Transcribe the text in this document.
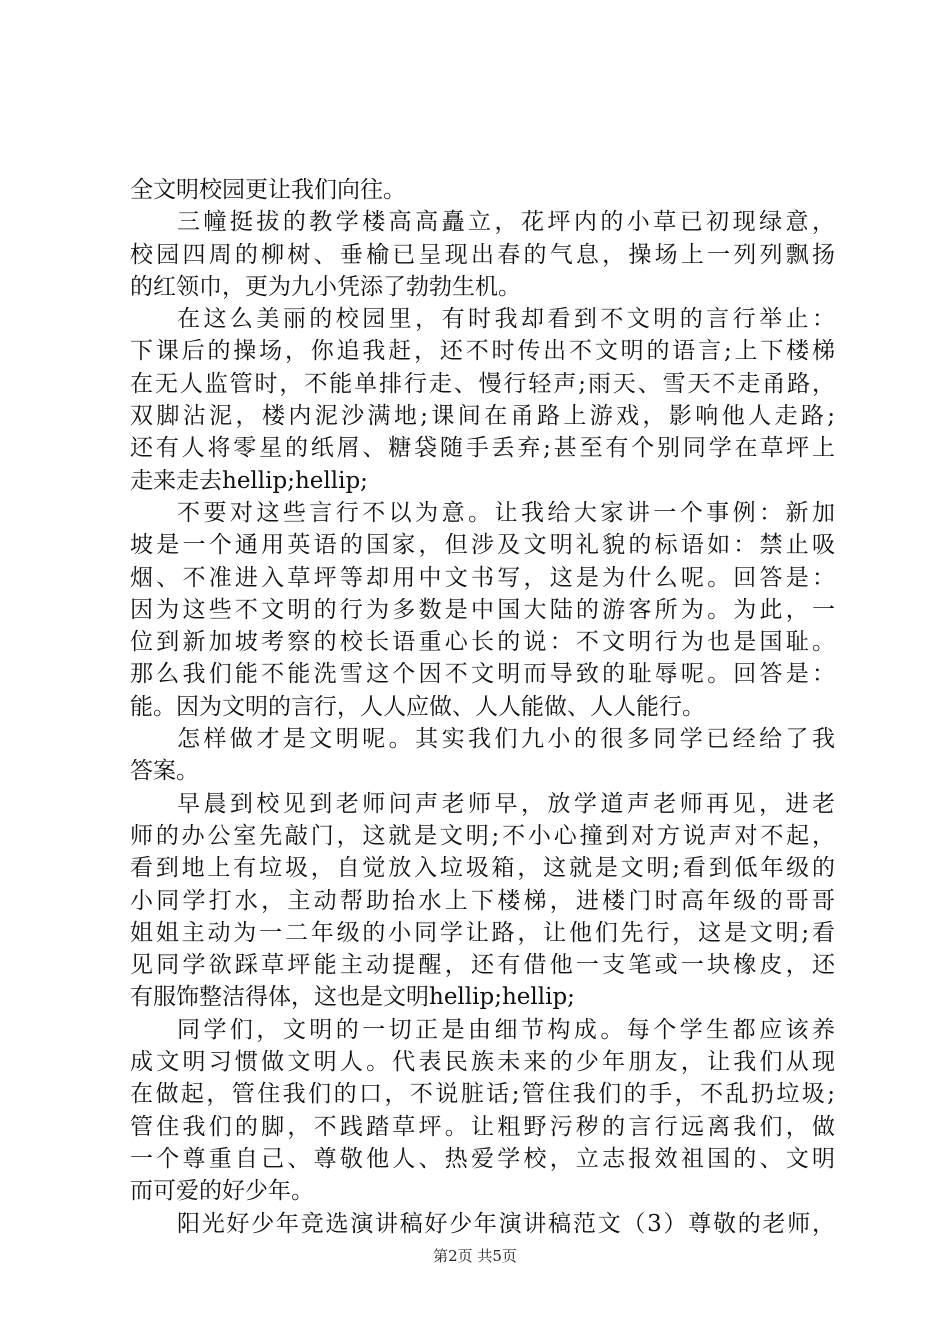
全文明校园更让我们向往。
三幢挺拔的教学楼高高矗立，花坪内的小草已初现绿意，
校园四周的柳树、垂榆已呈现出春的气息，操场上一列列飘扬
的红领巾，更为九小凭添了勃勃生机。
在这么美丽的校园里，有时我却看到不文明的言行举止：
下课后的操场，你追我赶，还不时传出不文明的语言;上下楼梯
在无人监管时，不能单排行走、慢行轻声;雨天、雪天不走甬路，
双脚沾泥，楼内泥沙满地;课间在甬路上游戏，影响他人走路;
还有人将零星的纸屑、糖袋随手丢弃;甚至有个别同学在草坪上
走来走去hellip;hellip;
不要对这些言行不以为意。让我给大家讲一个事例：新加
坡是一个通用英语的国家，但涉及文明礼貌的标语如：禁止吸
烟、不准进入草坪等却用中文书写，这是为什么呢。回答是：
因为这些不文明的行为多数是中国大陆的游客所为。为此，一
位到新加坡考察的校长语重心长的说：不文明行为也是国耻。
那么我们能不能洗雪这个因不文明而导致的耻辱呢。回答是：
能。因为文明的言行，人人应做、人人能做、人人能行。
怎样做才是文明呢。其实我们九小的很多同学已经给了我
答案。
早晨到校见到老师问声老师早，放学道声老师再见，进老
师的办公室先敲门，这就是文明;不小心撞到对方说声对不起，
看到地上有垃圾，自觉放入垃圾箱，这就是文明;看到低年级的
小同学打水，主动帮助抬水上下楼梯，进楼门时高年级的哥哥
姐姐主动为一二年级的小同学让路，让他们先行，这是文明;看
见同学欲踩草坪能主动提醒，还有借他一支笔或一块橡皮，还
有服饰整洁得体，这也是文明hellip;hellip;
同学们，文明的一切正是由细节构成。每个学生都应该养
成文明习惯做文明人。代表民族未来的少年朋友，让我们从现
在做起，管住我们的口，不说脏话;管住我们的手，不乱扔垃圾;
管住我们的脚，不践踏草坪。让粗野污秽的言行远离我们，做
一个尊重自己、尊敬他人、热爱学校，立志报效祖国的、文明
而可爱的好少年。
阳光好少年竞选演讲稿好少年演讲稿范文（3）尊敬的老师，
第2页 共5页
